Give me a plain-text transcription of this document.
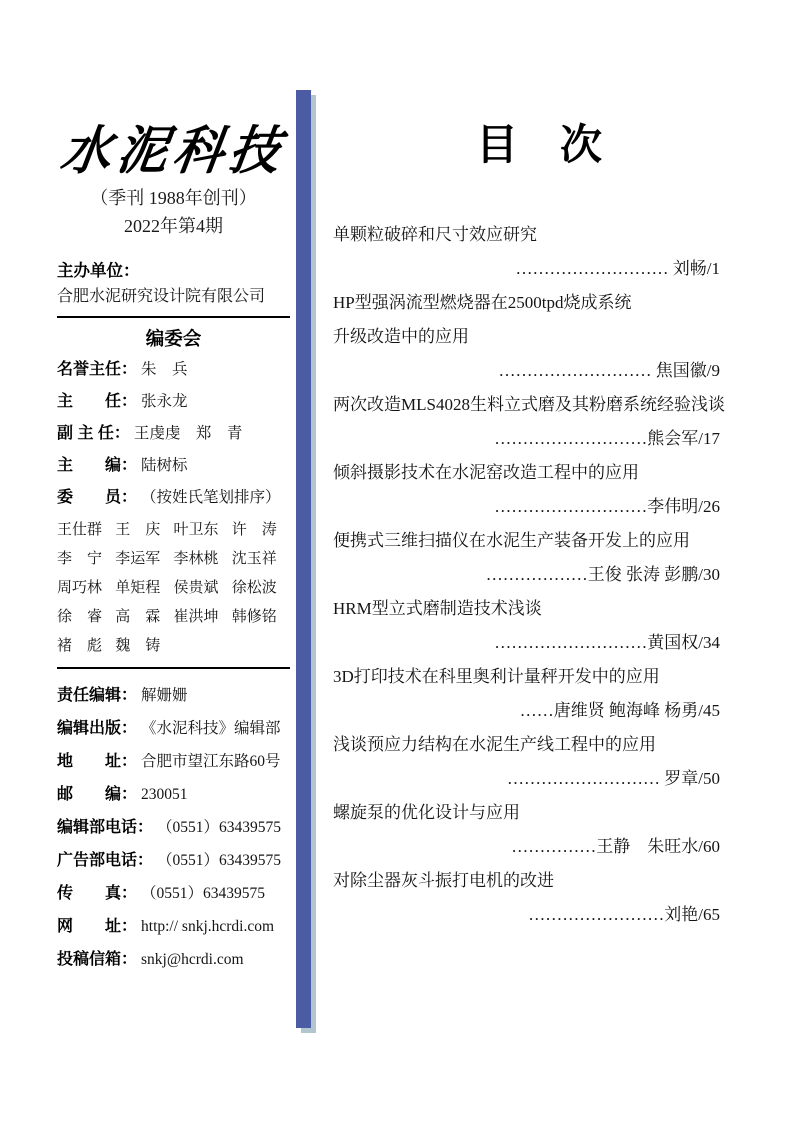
水泥科技
（季刊 1988年创刊）
2022年第4期
主办单位：
合肥水泥研究设计院有限公司
编委会
名誉主任： 朱　兵
主　　任： 张永龙
副 主 任： 王虔虔　郑　青
主　　编： 陆树标
委　　员： （按姓氏笔划排序）
王仕群 王　庆 叶卫东 许　涛
李　宁 李运军 李林桃 沈玉祥
周巧林 单矩程 侯贵斌 徐松波
徐　睿 高　霖 崔洪坤 韩修铭
褚　彪 魏　铸
责任编辑： 解姗姗
编辑出版： 《水泥科技》编辑部
地　　址： 合肥市望江东路60号
邮　　编： 230051
编辑部电话： （0551）63439575
广告部电话： （0551）63439575
传　　真： （0551）63439575
网　　址： http:// snkj.hcrdi.com
投稿信箱： snkj@hcrdi.com
目　次
单颗粒破碎和尺寸效应研究
……………………… 刘畅/1
HP型强涡流型燃烧器在2500tpd烧成系统
升级改造中的应用
……………………… 焦国徽/9
两次改造MLS4028生料立式磨及其粉磨系统经验浅谈
………………………熊会军/17
倾斜摄影技术在水泥窑改造工程中的应用
………………………李伟明/26
便携式三维扫描仪在水泥生产装备开发上的应用
………………王俊 张涛 彭鹏/30
HRM型立式磨制造技术浅谈
………………………黄国权/34
3D打印技术在科里奥利计量秤开发中的应用
……唐维贤 鲍海峰 杨勇/45
浅谈预应力结构在水泥生产线工程中的应用
……………………… 罗章/50
螺旋泵的优化设计与应用
……………王静　朱旺水/60
对除尘器灰斗振打电机的改进
……………………刘艳/65
